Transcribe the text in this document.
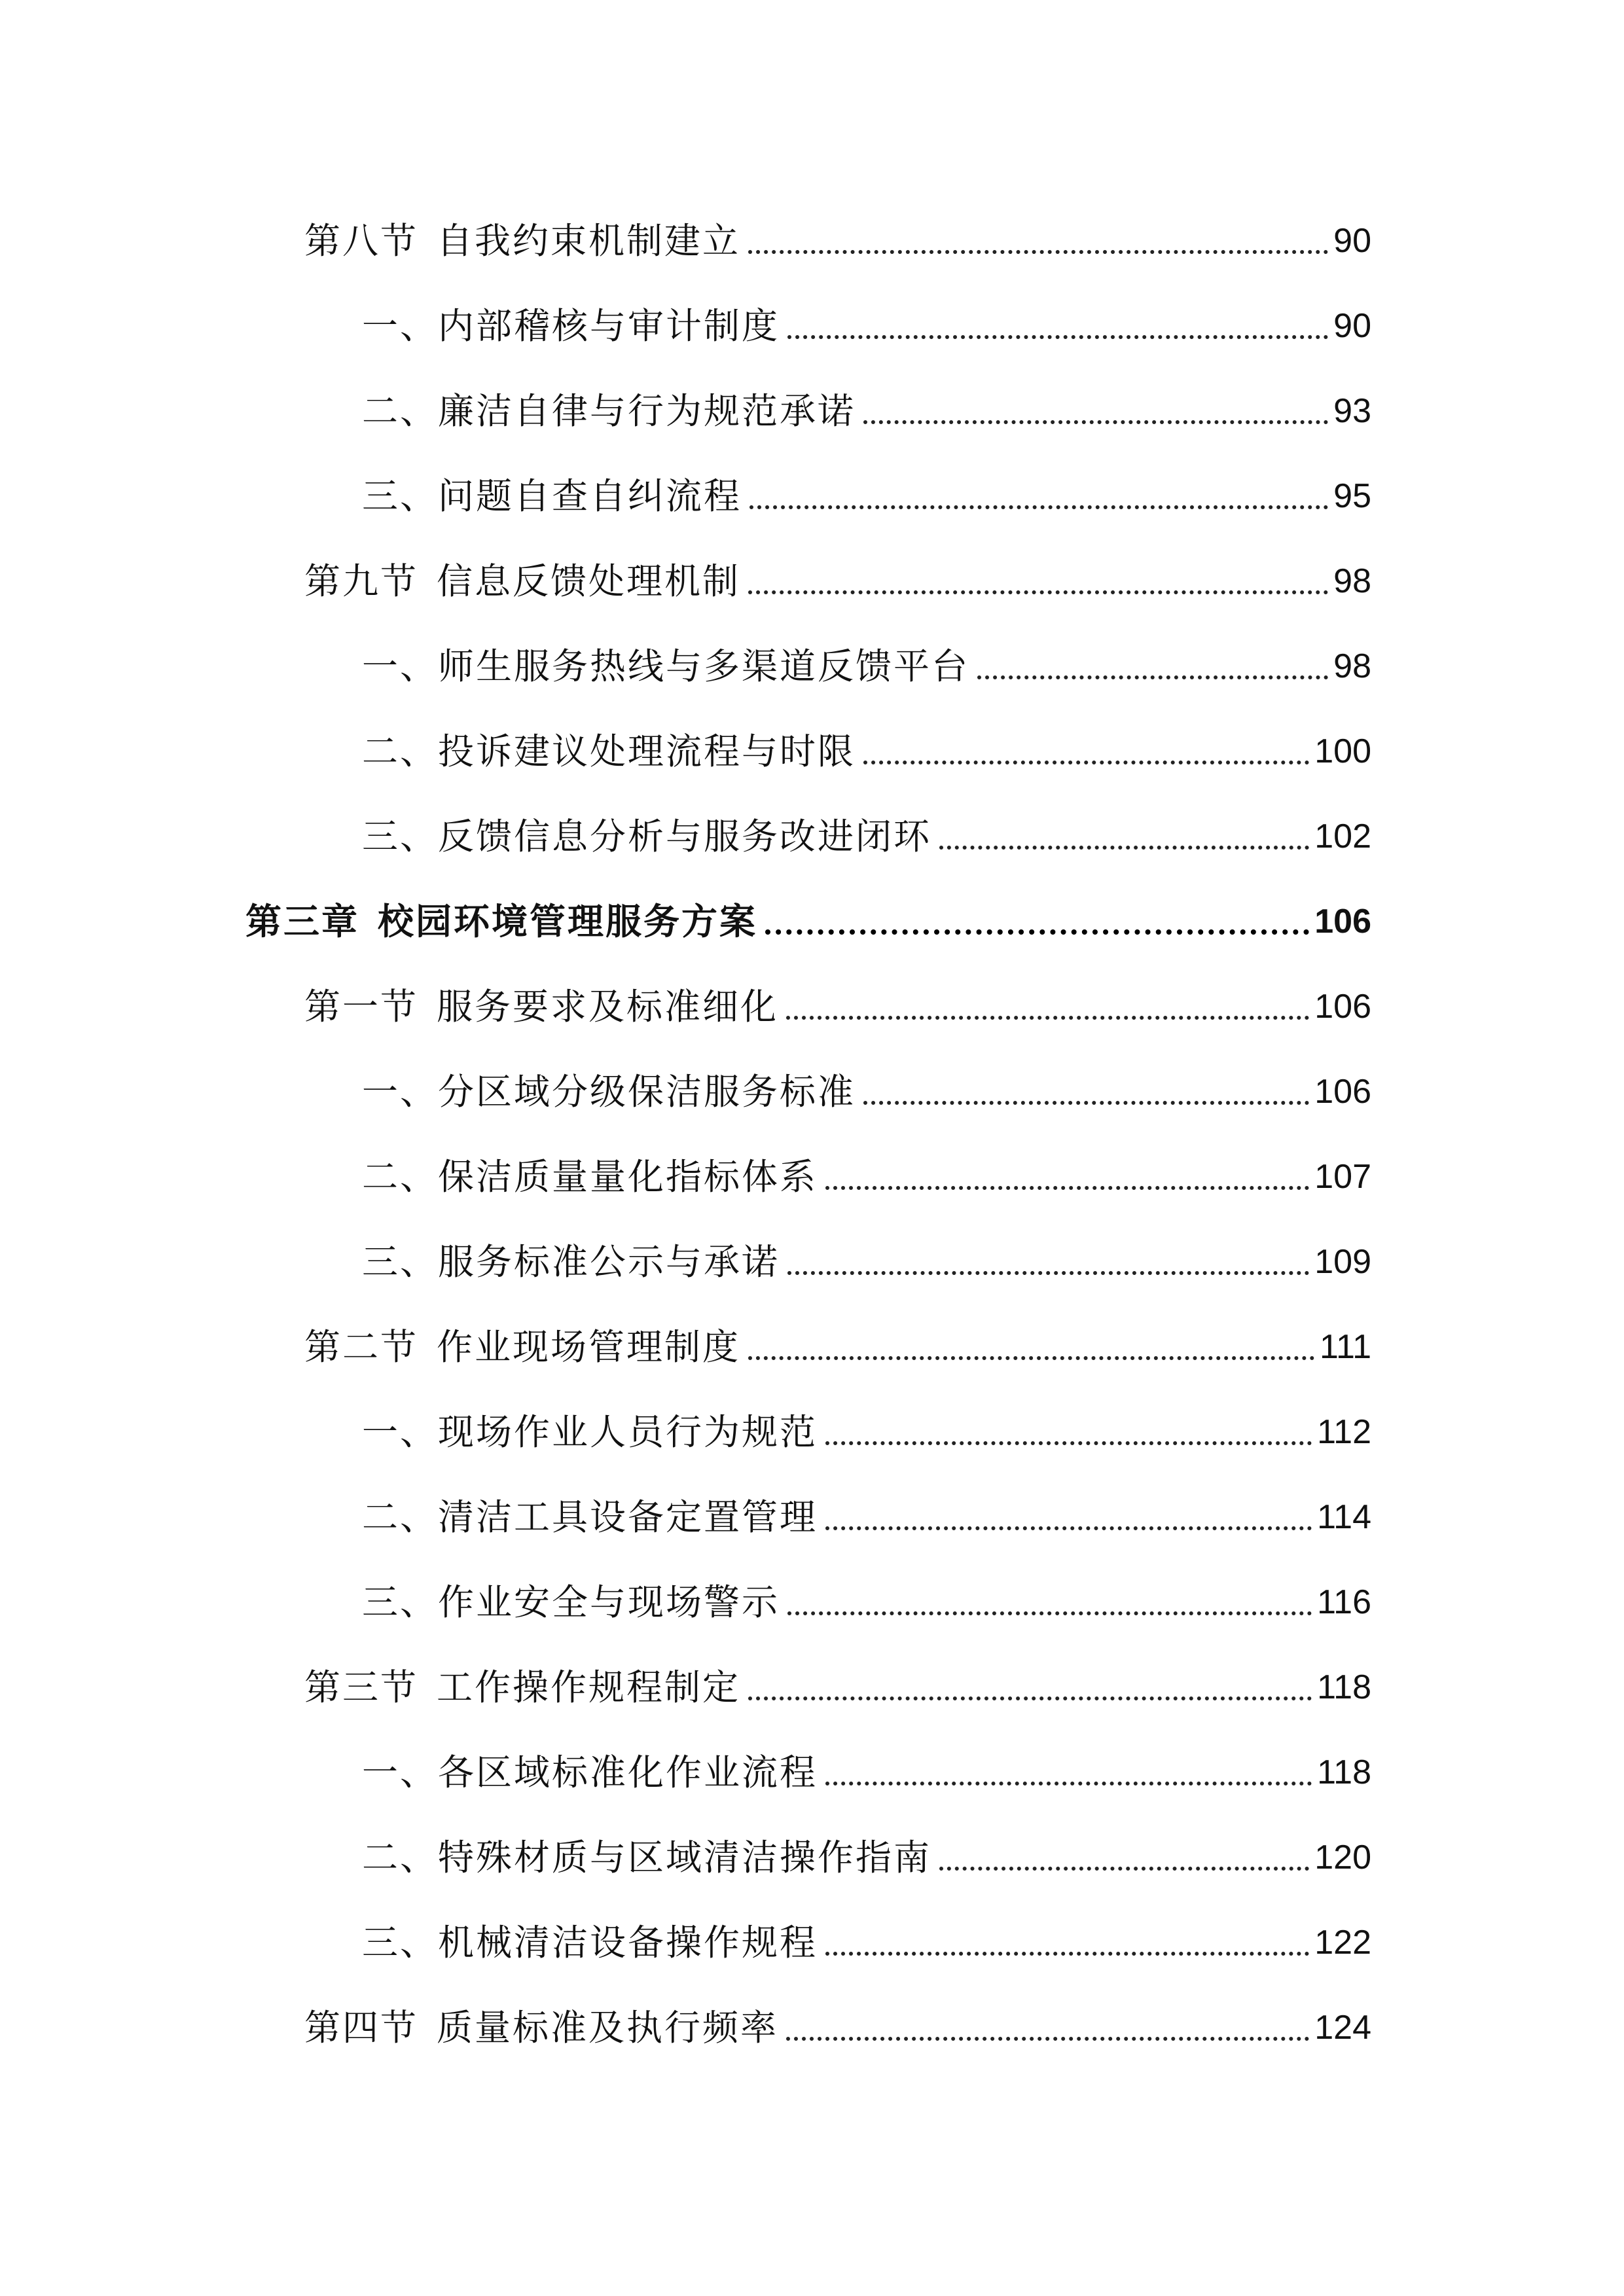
第八节 自我约束机制建立	90
一、内部稽核与审计制度	90
二、廉洁自律与行为规范承诺	93
三、问题自查自纠流程	95
第九节 信息反馈处理机制	98
一、师生服务热线与多渠道反馈平台	98
二、投诉建议处理流程与时限	100
三、反馈信息分析与服务改进闭环	102
第三章 校园环境管理服务方案	106
第一节 服务要求及标准细化	106
一、分区域分级保洁服务标准	106
二、保洁质量量化指标体系	107
三、服务标准公示与承诺	109
第二节 作业现场管理制度	111
一、现场作业人员行为规范	112
二、清洁工具设备定置管理	114
三、作业安全与现场警示	116
第三节 工作操作规程制定	118
一、各区域标准化作业流程	118
二、特殊材质与区域清洁操作指南	120
三、机械清洁设备操作规程	122
第四节 质量标准及执行频率	124
